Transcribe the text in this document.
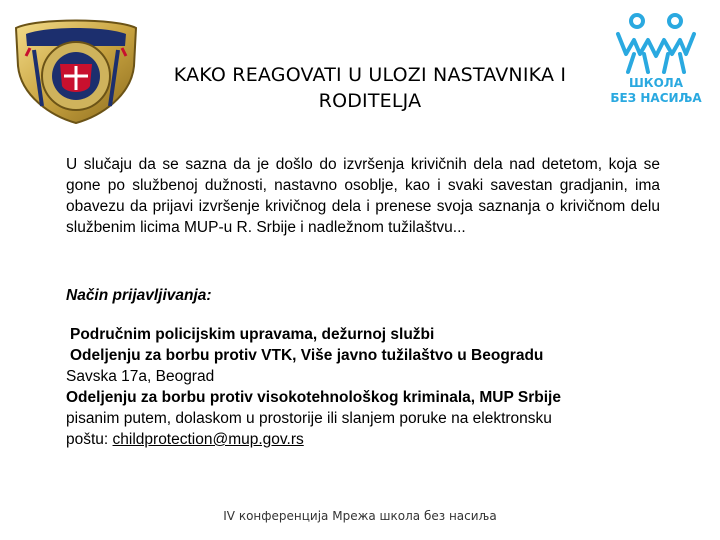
KAKO REAGOVATI U ULOZI NASTAVNIKA I
RODITELJA
ШКОЛА
БЕЗ НАСИЉА
U slučaju da se sazna da je došlo do izvršenja krivičnih dela nad detetom, koja se gone po službenoj dužnosti, nastavno osoblje, kao i svaki savestan gradjanin, ima obavezu da prijavi izvršenje krivičnog dela i prenese svoja saznanja o krivičnom delu službenim licima MUP-u R. Srbije i nadležnom tužilaštvu...
Način prijavljivanja:
Područnim policijskim upravama, dežurnoj službi
Odeljenju za borbu protiv VTK, Više javno tužilaštvo u Beogradu
Savska 17a, Beograd
Odeljenju za borbu protiv visokotehnološkog kriminala, MUP Srbije
pisanim putem, dolaskom u prostorije ili slanjem poruke na elektronsku
poštu: childprotection@mup.gov.rs
IV конференција Мрежа школа без насиља
